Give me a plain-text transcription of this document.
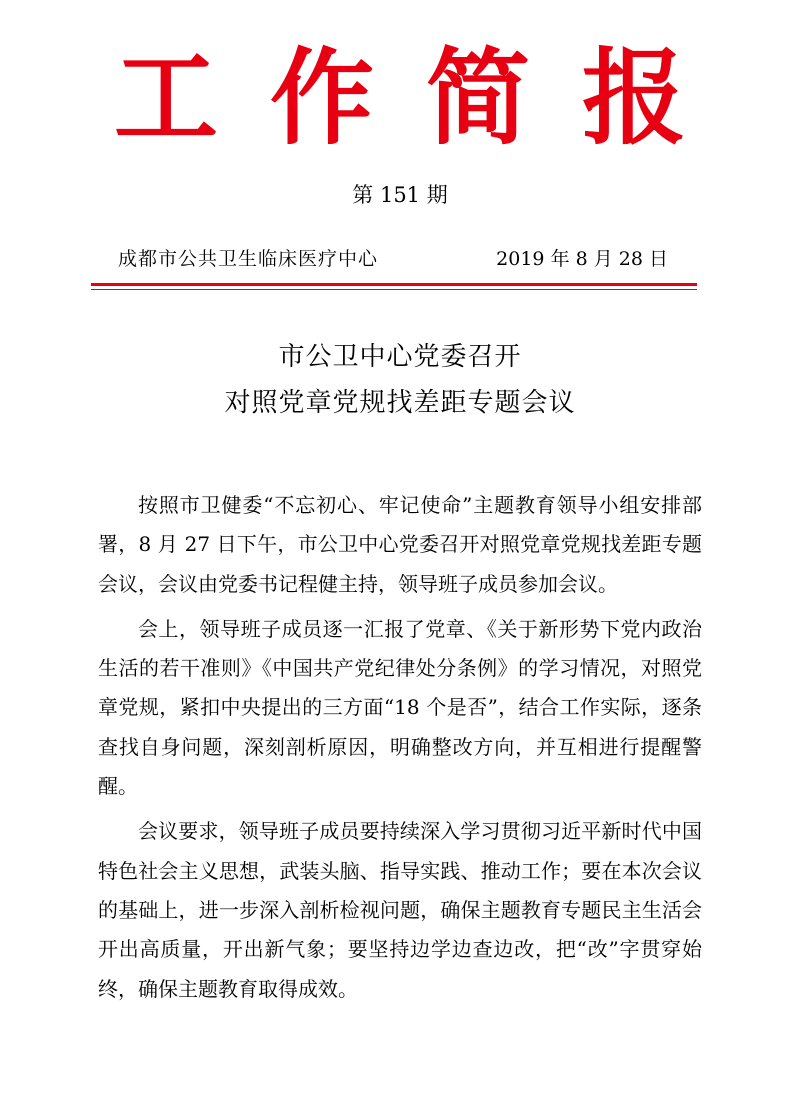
工作简报
第 151 期
成都市公共卫生临床医疗中心	2019 年 8 月 28 日
市公卫中心党委召开
对照党章党规找差距专题会议

按照市卫健委“不忘初心、牢记使命”主题教育领导小组安排部署，8 月 27 日下午，市公卫中心党委召开对照党章党规找差距专题会议，会议由党委书记程健主持，领导班子成员参加会议。

会上，领导班子成员逐一汇报了党章、《关于新形势下党内政治生活的若干准则》《中国共产党纪律处分条例》的学习情况，对照党章党规，紧扣中央提出的三方面“18 个是否”，结合工作实际，逐条查找自身问题，深刻剖析原因，明确整改方向，并互相进行提醒警醒。

会议要求，领导班子成员要持续深入学习贯彻习近平新时代中国特色社会主义思想，武装头脑、指导实践、推动工作；要在本次会议的基础上，进一步深入剖析检视问题，确保主题教育专题民主生活会开出高质量，开出新气象；要坚持边学边查边改，把“改”字贯穿始终，确保主题教育取得成效。
